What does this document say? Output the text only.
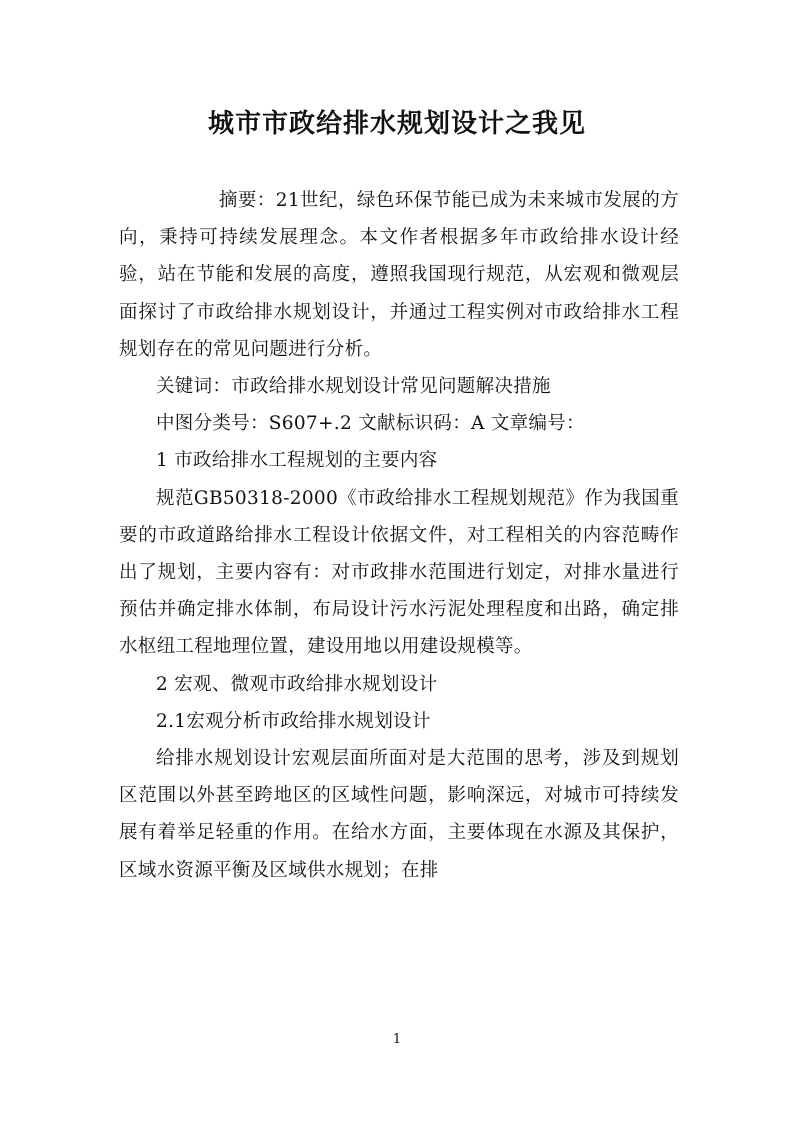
城市市政给排水规划设计之我见

摘要：21世纪，绿色环保节能已成为未来城市发展的方向，秉持可持续发展理念。本文作者根据多年市政给排水设计经验，站在节能和发展的高度，遵照我国现行规范，从宏观和微观层面探讨了市政给排水规划设计，并通过工程实例对市政给排水工程规划存在的常见问题进行分析。

关键词：市政给排水规划设计常见问题解决措施

中图分类号：S607+.2 文献标识码：A 文章编号：

1 市政给排水工程规划的主要内容

规范GB50318-2000《市政给排水工程规划规范》作为我国重要的市政道路给排水工程设计依据文件，对工程相关的内容范畴作出了规划，主要内容有：对市政排水范围进行划定，对排水量进行预估并确定排水体制，布局设计污水污泥处理程度和出路，确定排水枢纽工程地理位置，建设用地以用建设规模等。

2 宏观、微观市政给排水规划设计

2.1宏观分析市政给排水规划设计

给排水规划设计宏观层面所面对是大范围的思考，涉及到规划区范围以外甚至跨地区的区域性问题，影响深远，对城市可持续发展有着举足轻重的作用。在给水方面，主要体现在水源及其保护，区域水资源平衡及区域供水规划；在排

1
